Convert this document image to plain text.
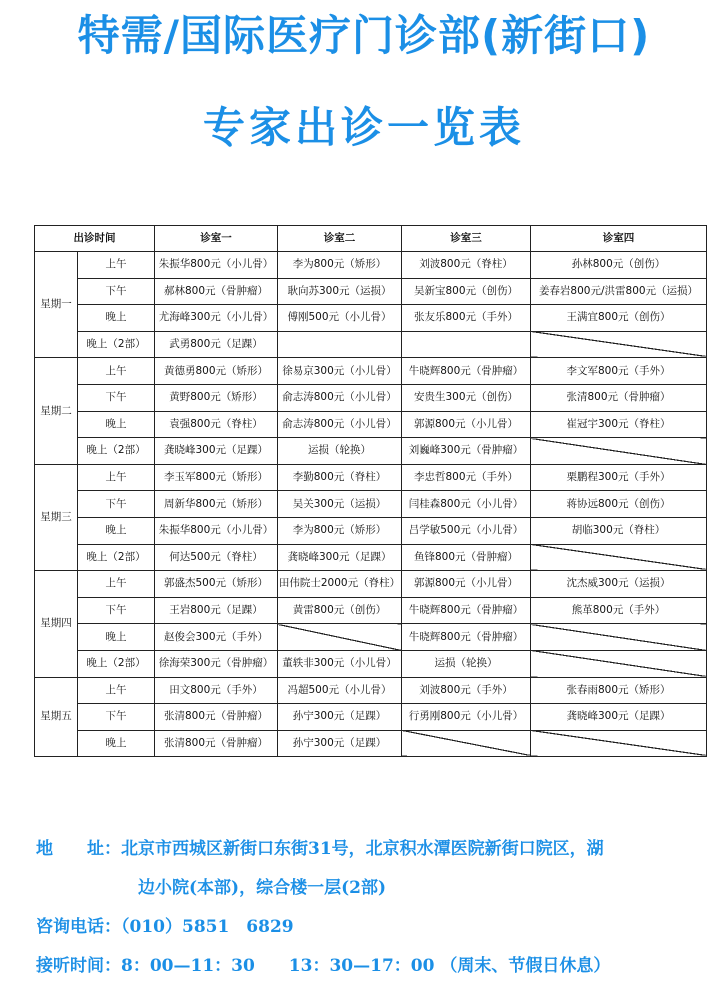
特需/国际医疗门诊部(新街口)
专家出诊一览表
出诊时间		诊室一	诊室二	诊室三	诊室四
星期一	上午	朱振华800元（小儿骨）	李为800元（矫形）	刘波800元（脊柱）	孙林800元（创伤）
	下午	郝林800元（骨肿瘤）	耿向苏300元（运损）	吴新宝800元（创伤）	姜春岩800元/洪雷800元（运损）
	晚上	尤海峰300元（小儿骨）	傅刚500元（小儿骨）	张友乐800元（手外）	王满宜800元（创伤）
	晚上（2部）	武勇800元（足踝）			
星期二	上午	黄德勇800元（矫形）	徐易京300元（小儿骨）	牛晓辉800元（骨肿瘤）	李文军800元（手外）
	下午	黄野800元（矫形）	俞志涛800元（小儿骨）	安贵生300元（创伤）	张清800元（骨肿瘤）
	晚上	袁强800元（脊柱）	俞志涛800元（小儿骨）	郭源800元（小儿骨）	崔冠宇300元（脊柱）
	晚上（2部）	龚晓峰300元（足踝）	运损（轮换）	刘巍峰300元（骨肿瘤）	
星期三	上午	李玉军800元（矫形）	李勤800元（脊柱）	李忠哲800元（手外）	栗鹏程300元（手外）
	下午	周新华800元（矫形）	吴关300元（运损）	闫桂森800元（小儿骨）	蒋协远800元（创伤）
	晚上	朱振华800元（小儿骨）	李为800元（矫形）	吕学敏500元（小儿骨）	胡临300元（脊柱）
	晚上（2部）	何达500元（脊柱）	龚晓峰300元（足踝）	鱼锋800元（骨肿瘤）	
星期四	上午	郭盛杰500元（矫形）	田伟院士2000元（脊柱）	郭源800元（小儿骨）	沈杰威300元（运损）
	下午	王岩800元（足踝）	黄雷800元（创伤）	牛晓辉800元（骨肿瘤）	熊革800元（手外）
	晚上	赵俊会300元（手外）		牛晓辉800元（骨肿瘤）	
	晚上（2部）	徐海荣300元（骨肿瘤）	董轶非300元（小儿骨）	运损（轮换）	
星期五	上午	田文800元（手外）	冯超500元（小儿骨）	刘波800元（手外）	张春雨800元（矫形）
	下午	张清800元（骨肿瘤）	孙宁300元（足踝）	行勇刚800元（小儿骨）	龚晓峰300元（足踝）
	晚上	张清800元（骨肿瘤）	孙宁300元（足踝）		
地　　址：北京市西城区新街口东街31号，北京积水潭医院新街口院区，湖
边小院(本部)，综合楼一层(2部)
咨询电话：（010）5851　6829
接听时间：8：00—11：30　　13：30—17：00 （周末、节假日休息）
